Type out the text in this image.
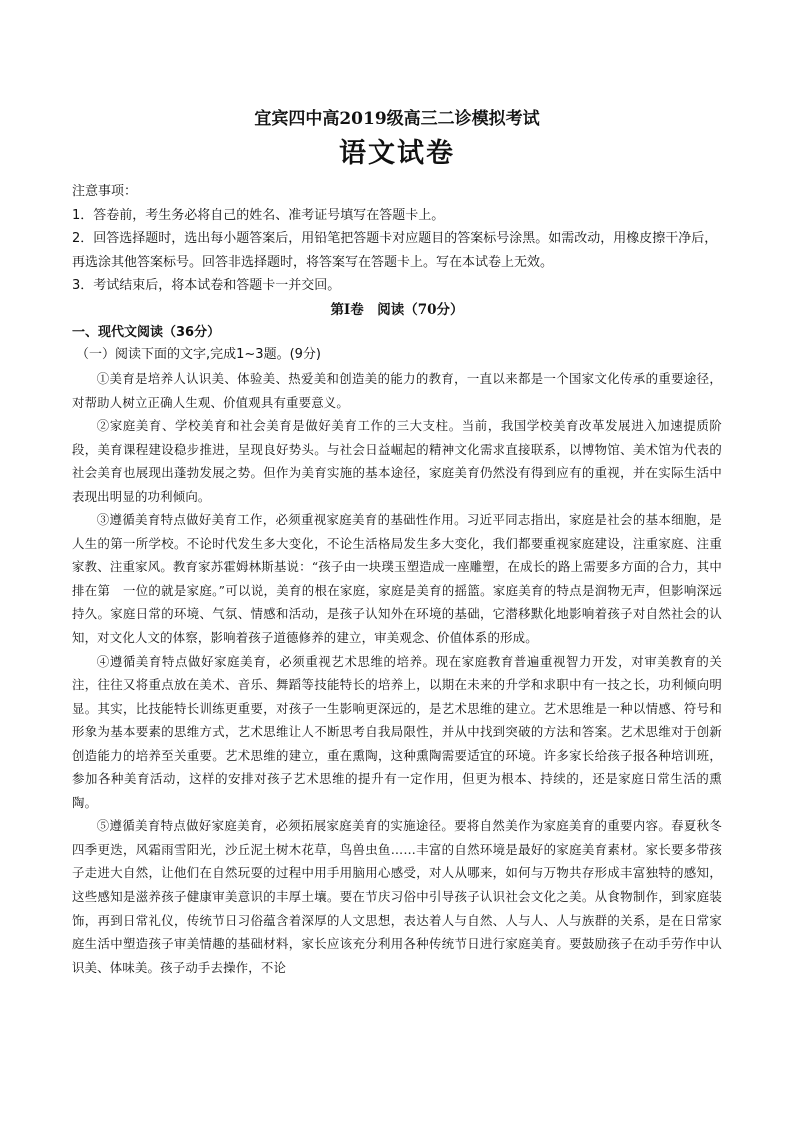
宜宾四中高2019级高三二诊模拟考试
语文试卷

注意事项：

1．答卷前，考生务必将自己的姓名、准考证号填写在答题卡上。

2．回答选择题时，选出每小题答案后，用铅笔把答题卡对应题目的答案标号涂黑。如需改动，用橡皮擦干净后，再选涂其他答案标号。回答非选择题时，将答案写在答题卡上。写在本试卷上无效。

3．考试结束后，将本试卷和答题卡一并交回。

第Ⅰ卷　阅读（70分）
一、现代文阅读（36分）
（一）阅读下面的文字,完成1~3题。(9分)

①美育是培养人认识美、体验美、热爱美和创造美的能力的教育，一直以来都是一个国家文化传承的重要途径，对帮助人树立正确人生观、价值观具有重要意义。

②家庭美育、学校美育和社会美育是做好美育工作的三大支柱。当前，我国学校美育改革发展进入加速提质阶段，美育课程建设稳步推进，呈现良好势头。与社会日益崛起的精神文化需求直接联系，以博物馆、美术馆为代表的社会美育也展现出蓬勃发展之势。但作为美育实施的基本途径，家庭美育仍然没有得到应有的重视，并在实际生活中表现出明显的功利倾向。

③遵循美育特点做好美育工作，必须重视家庭美育的基础性作用。习近平同志指出，家庭是社会的基本细胞，是人生的第一所学校。不论时代发生多大变化，不论生活格局发生多大变化，我们都要重视家庭建设，注重家庭、注重家教、注重家风。教育家苏霍姆林斯基说：“孩子由一块璞玉塑造成一座雕塑，在成长的路上需要多方面的合力，其中排在第　一位的就是家庭。”可以说，美育的根在家庭，家庭是美育的摇篮。家庭美育的特点是润物无声，但影响深远持久。家庭日常的环境、气氛、情感和活动，是孩子认知外在环境的基础，它潜移默化地影响着孩子对自然社会的认知，对文化人文的体察，影响着孩子道德修养的建立，审美观念、价值体系的形成。

④遵循美育特点做好家庭美育，必须重视艺术思维的培养。现在家庭教育普遍重视智力开发，对审美教育的关注，往往又将重点放在美术、音乐、舞蹈等技能特长的培养上，以期在未来的升学和求职中有一技之长，功利倾向明显。其实，比技能特长训练更重要，对孩子一生影响更深远的，是艺术思维的建立。艺术思维是一种以情感、符号和形象为基本要素的思维方式，艺术思维让人不断思考自我局限性，并从中找到突破的方法和答案。艺术思维对于创新创造能力的培养至关重要。艺术思维的建立，重在熏陶，这种熏陶需要适宜的环境。许多家长给孩子报各种培训班，参加各种美育活动，这样的安排对孩子艺术思维的提升有一定作用，但更为根本、持续的，还是家庭日常生活的熏陶。

⑤遵循美育特点做好家庭美育，必须拓展家庭美育的实施途径。要将自然美作为家庭美育的重要内容。春夏秋冬四季更迭，风霜雨雪阳光，沙丘泥土树木花草，鸟兽虫鱼……丰富的自然环境是最好的家庭美育素材。家长要多带孩子走进大自然，让他们在自然玩耍的过程中用手用脑用心感受，对人从哪来，如何与万物共存形成丰富独特的感知，这些感知是滋养孩子健康审美意识的丰厚土壤。要在节庆习俗中引导孩子认识社会文化之美。从食物制作，到家庭装饰，再到日常礼仪，传统节日习俗蕴含着深厚的人文思想，表达着人与自然、人与人、人与族群的关系，是在日常家庭生活中塑造孩子审美情趣的基础材料，家长应该充分利用各种传统节日进行家庭美育。要鼓励孩子在动手劳作中认识美、体味美。孩子动手去操作，不论
